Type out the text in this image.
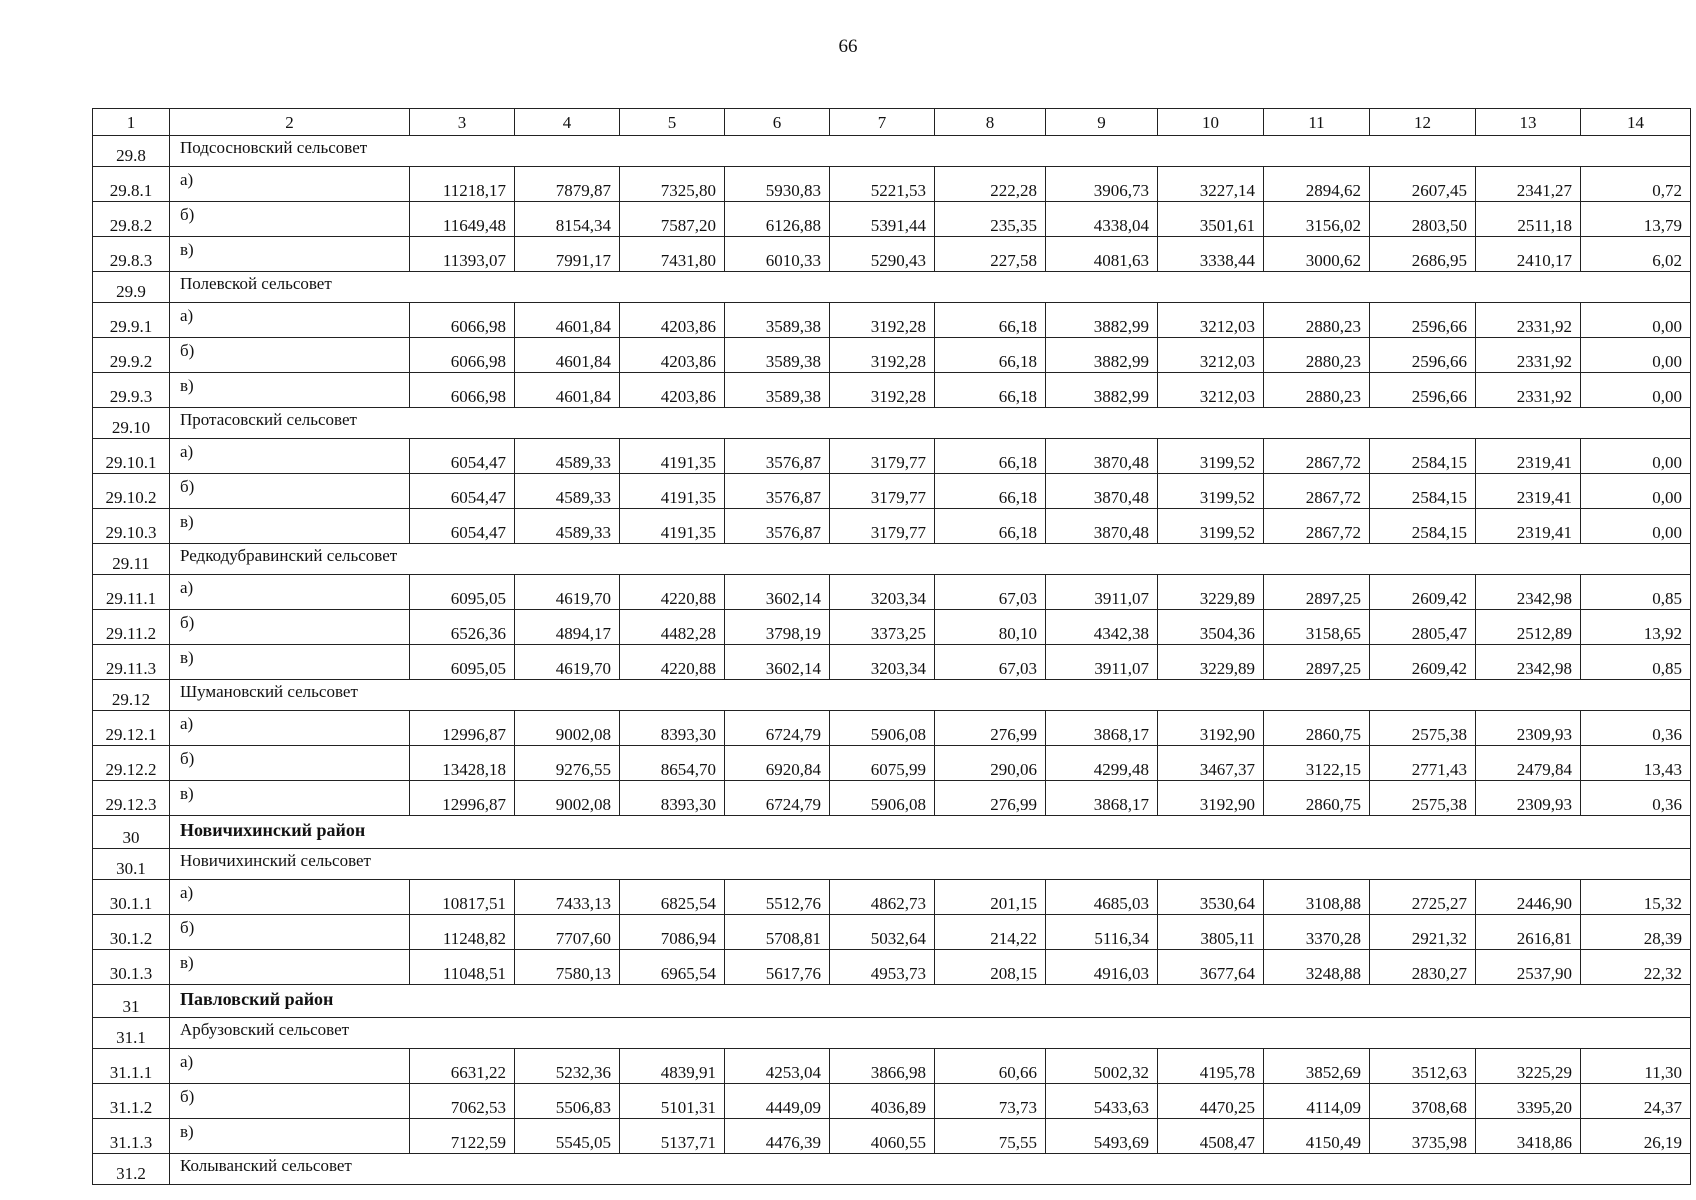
66
1	2	3	4	5	6	7	8	9	10	11	12	13	14
29.8	Подсосновский сельсовет												
29.8.1	а)	11218,17	7879,87	7325,80	5930,83	5221,53	222,28	3906,73	3227,14	2894,62	2607,45	2341,27	0,72
29.8.2	б)	11649,48	8154,34	7587,20	6126,88	5391,44	235,35	4338,04	3501,61	3156,02	2803,50	2511,18	13,79
29.8.3	в)	11393,07	7991,17	7431,80	6010,33	5290,43	227,58	4081,63	3338,44	3000,62	2686,95	2410,17	6,02
29.9	Полевской сельсовет												
29.9.1	а)	6066,98	4601,84	4203,86	3589,38	3192,28	66,18	3882,99	3212,03	2880,23	2596,66	2331,92	0,00
29.9.2	б)	6066,98	4601,84	4203,86	3589,38	3192,28	66,18	3882,99	3212,03	2880,23	2596,66	2331,92	0,00
29.9.3	в)	6066,98	4601,84	4203,86	3589,38	3192,28	66,18	3882,99	3212,03	2880,23	2596,66	2331,92	0,00
29.10	Протасовский сельсовет												
29.10.1	а)	6054,47	4589,33	4191,35	3576,87	3179,77	66,18	3870,48	3199,52	2867,72	2584,15	2319,41	0,00
29.10.2	б)	6054,47	4589,33	4191,35	3576,87	3179,77	66,18	3870,48	3199,52	2867,72	2584,15	2319,41	0,00
29.10.3	в)	6054,47	4589,33	4191,35	3576,87	3179,77	66,18	3870,48	3199,52	2867,72	2584,15	2319,41	0,00
29.11	Редкодубравинский сельсовет												
29.11.1	а)	6095,05	4619,70	4220,88	3602,14	3203,34	67,03	3911,07	3229,89	2897,25	2609,42	2342,98	0,85
29.11.2	б)	6526,36	4894,17	4482,28	3798,19	3373,25	80,10	4342,38	3504,36	3158,65	2805,47	2512,89	13,92
29.11.3	в)	6095,05	4619,70	4220,88	3602,14	3203,34	67,03	3911,07	3229,89	2897,25	2609,42	2342,98	0,85
29.12	Шумановский сельсовет												
29.12.1	а)	12996,87	9002,08	8393,30	6724,79	5906,08	276,99	3868,17	3192,90	2860,75	2575,38	2309,93	0,36
29.12.2	б)	13428,18	9276,55	8654,70	6920,84	6075,99	290,06	4299,48	3467,37	3122,15	2771,43	2479,84	13,43
29.12.3	в)	12996,87	9002,08	8393,30	6724,79	5906,08	276,99	3868,17	3192,90	2860,75	2575,38	2309,93	0,36
30	Новичихинский район												
30.1	Новичихинский сельсовет												
30.1.1	а)	10817,51	7433,13	6825,54	5512,76	4862,73	201,15	4685,03	3530,64	3108,88	2725,27	2446,90	15,32
30.1.2	б)	11248,82	7707,60	7086,94	5708,81	5032,64	214,22	5116,34	3805,11	3370,28	2921,32	2616,81	28,39
30.1.3	в)	11048,51	7580,13	6965,54	5617,76	4953,73	208,15	4916,03	3677,64	3248,88	2830,27	2537,90	22,32
31	Павловский район												
31.1	Арбузовский сельсовет												
31.1.1	а)	6631,22	5232,36	4839,91	4253,04	3866,98	60,66	5002,32	4195,78	3852,69	3512,63	3225,29	11,30
31.1.2	б)	7062,53	5506,83	5101,31	4449,09	4036,89	73,73	5433,63	4470,25	4114,09	3708,68	3395,20	24,37
31.1.3	в)	7122,59	5545,05	5137,71	4476,39	4060,55	75,55	5493,69	4508,47	4150,49	3735,98	3418,86	26,19
31.2	Колыванский сельсовет												
